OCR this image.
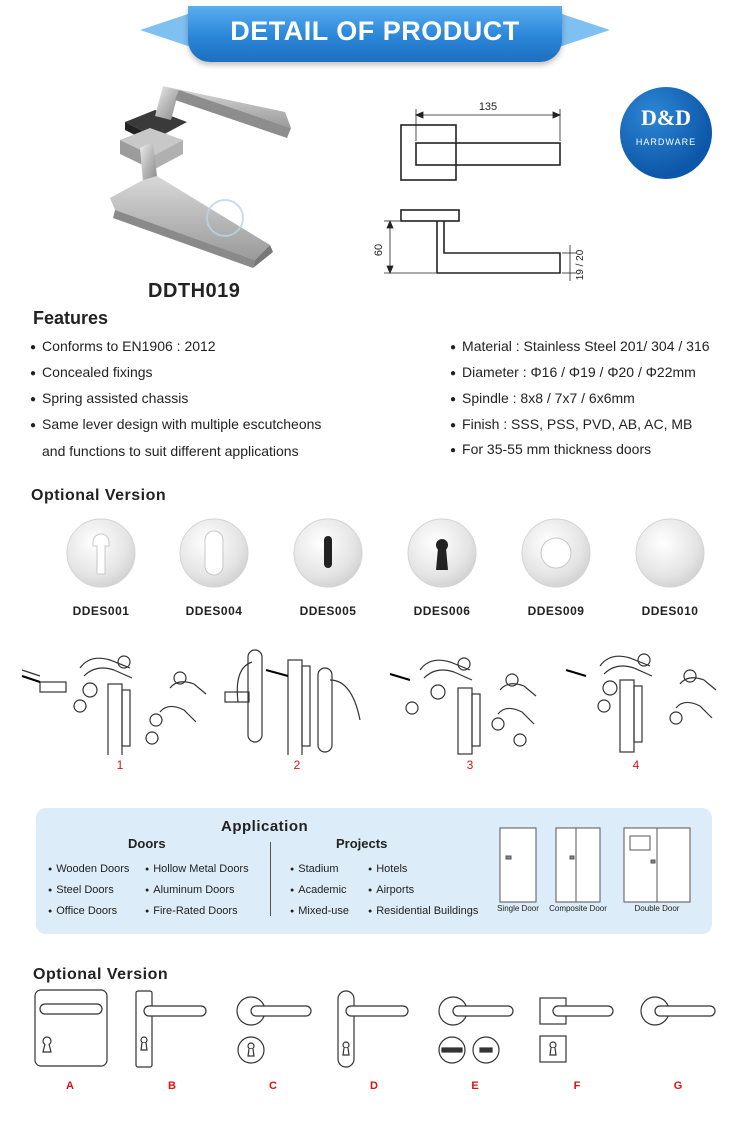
DETAIL OF PRODUCT
D&D
HARDWARE
DDTH019
135
60	19 / 20
Features
● Conforms to EN1906 : 2012
● Concealed fixings
● Spring assisted chassis
● Same lever design with multiple escutcheons
and functions to suit different applications
● Material : Stainless Steel 201/ 304 / 316
● Diameter : Φ16 / Φ19 / Φ20 / Φ22mm
● Spindle : 8x8 / 7x7 / 6x6mm
● Finish : SSS, PSS, PVD, AB, AC, MB
● For 35-55 mm thickness doors
Optional Version
DDES001	DDES004	DDES005	DDES006	DDES009	DDES010
1	2	3	4
Application
Doors	Projects
● Wooden Doors	● Hollow Metal Doors
● Steel Doors	● Aluminum Doors
● Office Doors	● Fire-Rated Doors
● Stadium	● Hotels
● Academic	● Airports
● Mixed-use	● Residential Buildings	Single Door	Composite Door	Double Door
Optional Version
A	B	C	D	E	F	G
